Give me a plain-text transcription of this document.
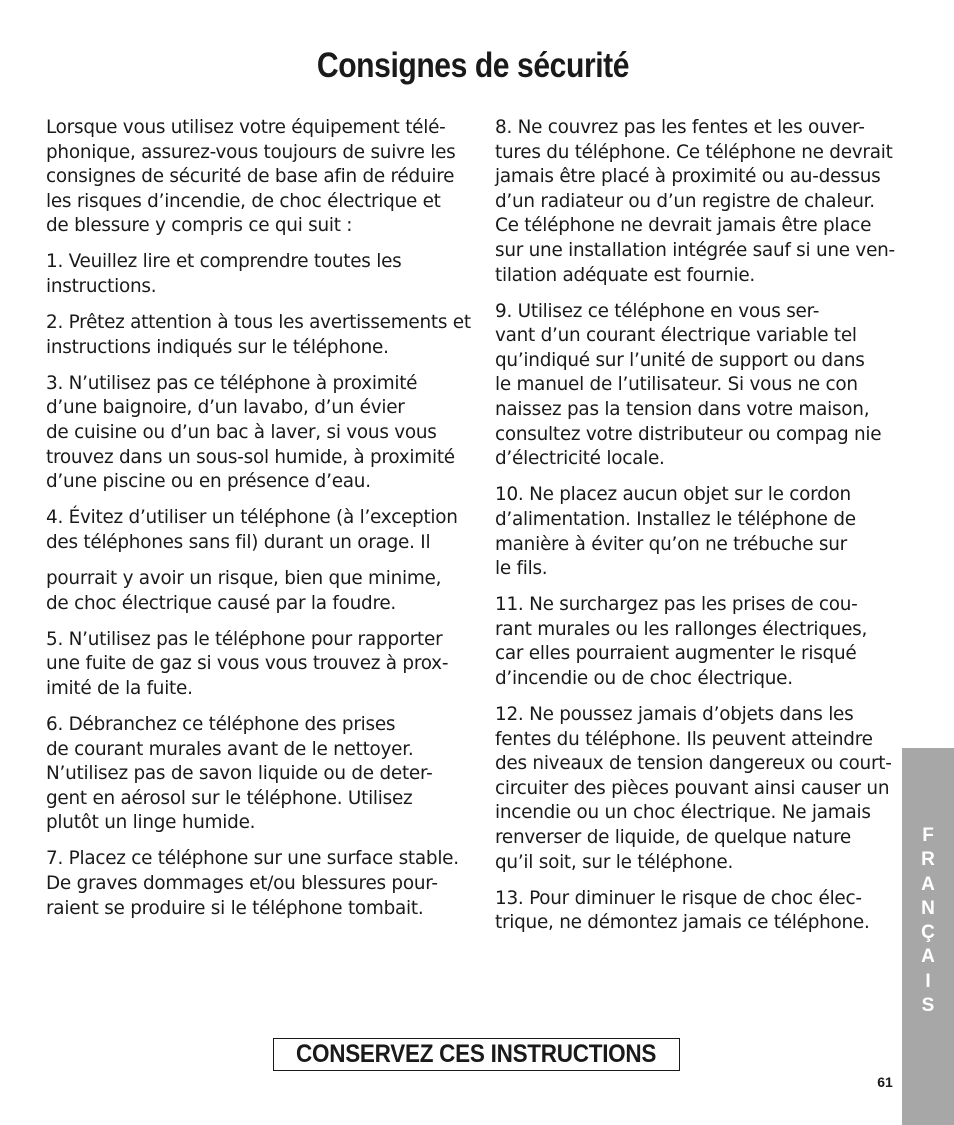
Consignes de sécurité

Lorsque vous utilisez votre équipement télé-
phonique, assurez-vous toujours de suivre les
consignes de sécurité de base afin de réduire
les risques d’incendie, de choc électrique et
de blessure y compris ce qui suit :

1. Veuillez lire et comprendre toutes les
instructions.

2. Prêtez attention à tous les avertissements et
instructions indiqués sur le téléphone.

3. N’utilisez pas ce téléphone à proximité
d’une baignoire, d’un lavabo, d’un évier
de cuisine ou d’un bac à laver, si vous vous
trouvez dans un sous-sol humide, à proximité
d’une piscine ou en présence d’eau.

4. Évitez d’utiliser un téléphone (à l’exception
des téléphones sans fil) durant un orage. Il

pourrait y avoir un risque, bien que minime,
de choc électrique causé par la foudre.

5. N’utilisez pas le téléphone pour rapporter
une fuite de gaz si vous vous trouvez à prox-
imité de la fuite.

6. Débranchez ce téléphone des prises
de courant murales avant de le nettoyer.
N’utilisez pas de savon liquide ou de deter-
gent en aérosol sur le téléphone. Utilisez
plutôt un linge humide.

7. Placez ce téléphone sur une surface stable.
De graves dommages et/ou blessures pour-
raient se produire si le téléphone tombait.

8. Ne couvrez pas les fentes et les ouver-
tures du téléphone. Ce téléphone ne devrait
jamais être placé à proximité ou au-dessus
d’un radiateur ou d’un registre de chaleur.
Ce téléphone ne devrait jamais être place
sur une installation intégrée sauf si une ven-
tilation adéquate est fournie.

9. Utilisez ce téléphone en vous ser-
vant d’un courant électrique variable tel
qu’indiqué sur l’unité de support ou dans
le manuel de l’utilisateur. Si vous ne con
naissez pas la tension dans votre maison,
consultez votre distributeur ou compag nie
d’électricité locale.

10. Ne placez aucun objet sur le cordon
d’alimentation. Installez le téléphone de
manière à éviter qu’on ne trébuche sur
le fils.

11. Ne surchargez pas les prises de cou-
rant murales ou les rallonges électriques,
car elles pourraient augmenter le risqué
d’incendie ou de choc électrique.

12. Ne poussez jamais d’objets dans les
fentes du téléphone. Ils peuvent atteindre
des niveaux de tension dangereux ou court-
circuiter des pièces pouvant ainsi causer un
incendie ou un choc électrique. Ne jamais
renverser de liquide, de quelque nature
qu’il soit, sur le téléphone.

13. Pour diminuer le risque de choc élec-
trique, ne démontez jamais ce téléphone.

CONSERVEZ CES INSTRUCTIONS
61
F
R
A
N
Ç
A
I
S
